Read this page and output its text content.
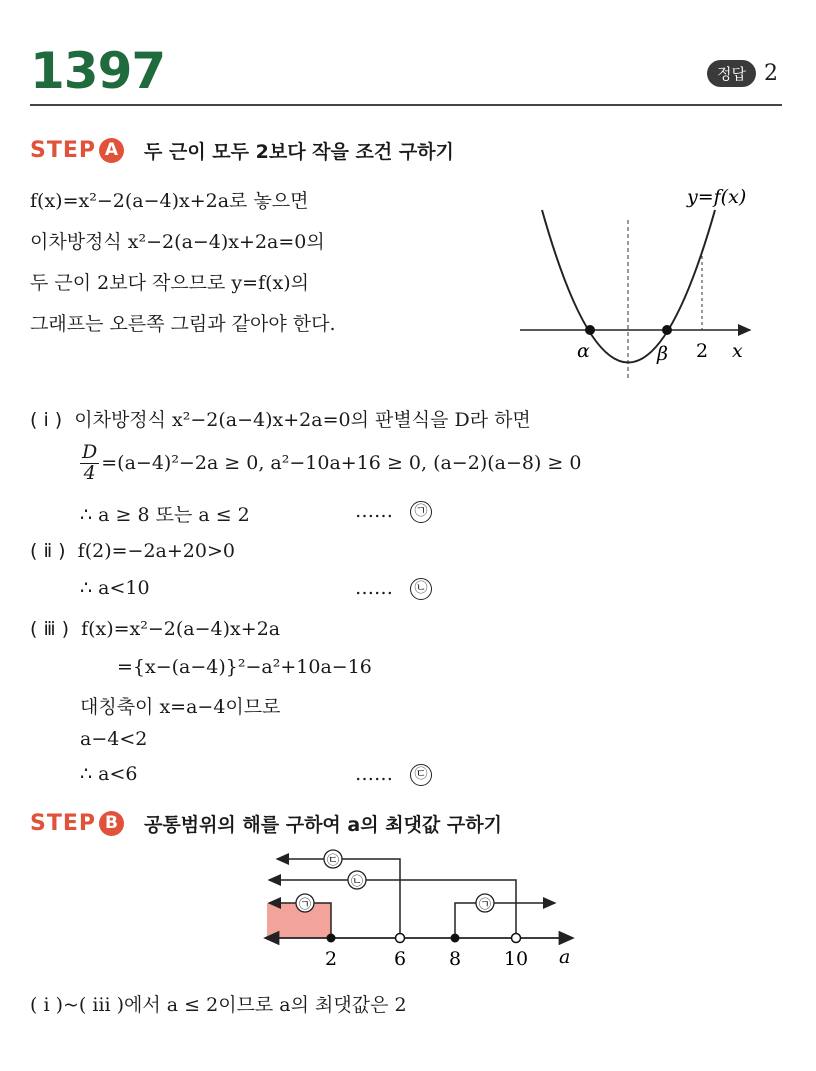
1397	정답 2
STEP A	두 근이 모두 2보다 작을 조건 구하기
f(x)=x²−2(a−4)x+2a로 놓으면
이차방정식 x²−2(a−4)x+2a=0의
두 근이 2보다 작으므로 y=f(x)의
그래프는 오른쪽 그림과 같아야 한다.
y=f(x)
α	β 2 x
( ⅰ ) 이차방정식 x²−2(a−4)x+2a=0의 판별식을 D라 하면
$\frac{D}{4} =(a-4)^2-2a \ge 0$, a²−10a+16 ≥ 0, (a−2)(a−8) ≥ 0
∴ a ≥ 8 또는 a ≤ 2	……	㉠
( ⅱ ) f(2)=−2a+20>0
∴ a<10	……	㉡
( ⅲ ) f(x)=x²−2(a−4)x+2a
={x−(a−4)}²−a²+10a−16
대칭축이 x=a−4이므로
a−4<2
∴ a<6	……	㉢
STEP B	공통범위의 해를 구하여 a의 최댓값 구하기
㉢
㉡
㉠	㉠
2	6 8 10 a
( ⅰ )~( ⅲ )에서 a ≤ 2이므로 a의 최댓값은 2
